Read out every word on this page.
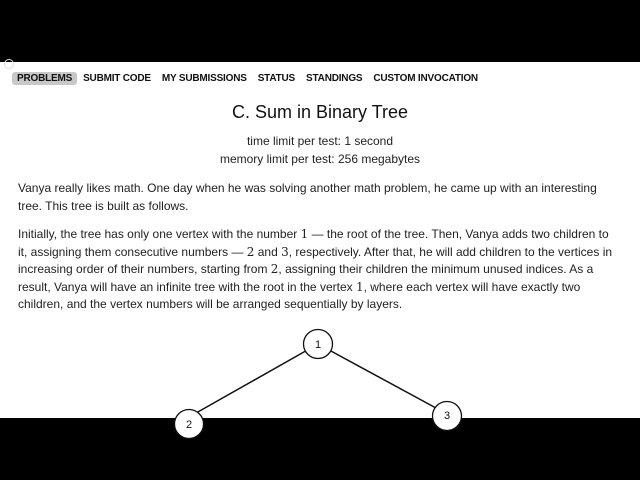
PROBLEMS	SUBMIT CODE	MY SUBMISSIONS	STATUS	STANDINGS	CUSTOM INVOCATION
C. Sum in Binary Tree
time limit per test: 1 second
memory limit per test: 256 megabytes
Vanya really likes math. One day when he was solving another math problem, he came up with an interesting tree. This tree is built as follows.
Initially, the tree has only one vertex with the number 1 — the root of the tree. Then, Vanya adds two children to it, assigning them consecutive numbers — 2 and 3, respectively. After that, he will add children to the vertices in increasing order of their numbers, starting from 2, assigning their children the minimum unused indices. As a result, Vanya will have an infinite tree with the root in the vertex 1, where each vertex will have exactly two children, and the vertex numbers will be arranged sequentially by layers.
1
2
3
